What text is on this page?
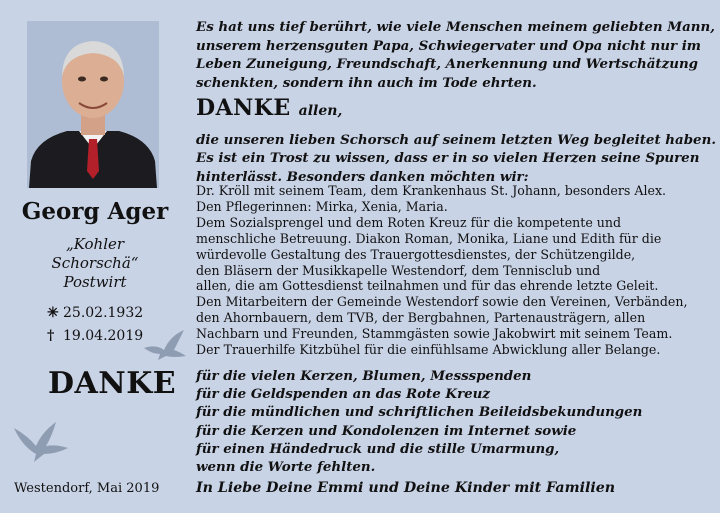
Georg Ager
„Kohler
Schorschä“
Postwirt
✳ 25.02.1932
† 19.04.2019
DANKE
Westendorf, Mai 2019
Es hat uns tief berührt, wie viele Menschen meinem geliebten Mann,
unserem herzensguten Papa, Schwiegervater und Opa nicht nur im
Leben Zuneigung, Freundschaft, Anerkennung und Wertschätzung
schenkten, sondern ihn auch im Tode ehrten.
DANKE allen,
die unseren lieben Schorsch auf seinem letzten Weg begleitet haben.
Es ist ein Trost zu wissen, dass er in so vielen Herzen seine Spuren
hinterlässt. Besonders danken möchten wir:
Dr. Kröll mit seinem Team, dem Krankenhaus St. Johann, besonders Alex.
Den Pflegerinnen: Mirka, Xenia, Maria.
Dem Sozialsprengel und dem Roten Kreuz für die kompetente und
menschliche Betreuung. Diakon Roman, Monika, Liane und Edith für die
würdevolle Gestaltung des Trauergottesdienstes, der Schützengilde,
den Bläsern der Musikkapelle Westendorf, dem Tennisclub und
allen, die am Gottesdienst teilnahmen und für das ehrende letzte Geleit.
Den Mitarbeitern der Gemeinde Westendorf sowie den Vereinen, Verbänden,
den Ahornbauern, dem TVB, der Bergbahnen, Partenausträgern, allen
Nachbarn und Freunden, Stammgästen sowie Jakobwirt mit seinem Team.
Der Trauerhilfe Kitzbühel für die einfühlsame Abwicklung aller Belange.
für die vielen Kerzen, Blumen, Messspenden
für die Geldspenden an das Rote Kreuz
für die mündlichen und schriftlichen Beileidsbekundungen
für die Kerzen und Kondolenzen im Internet sowie
für einen Händedruck und die stille Umarmung,
wenn die Worte fehlten.
In Liebe Deine Emmi und Deine Kinder mit Familien
